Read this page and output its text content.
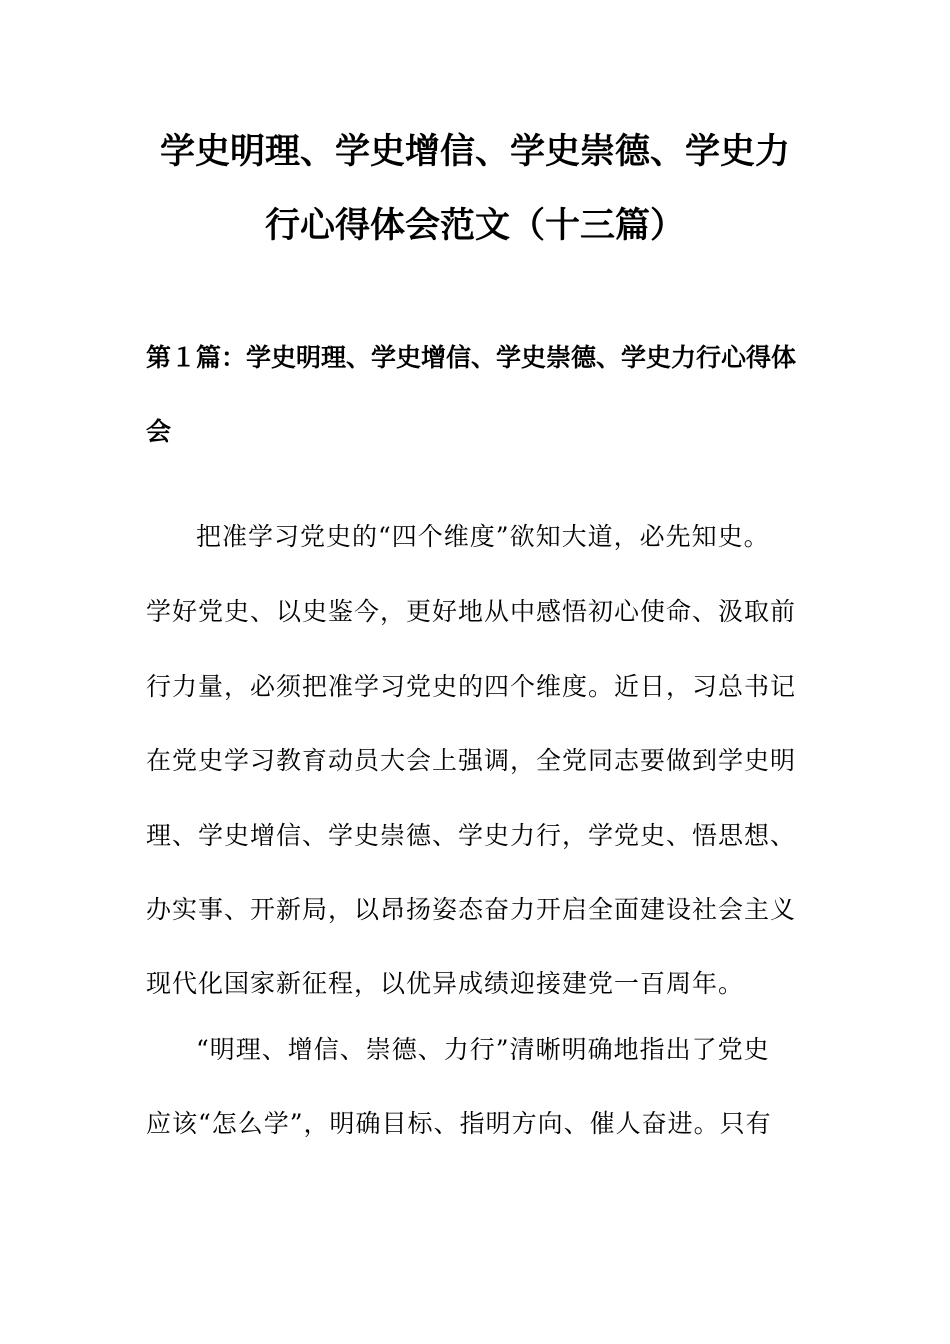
学史明理、学史增信、学史崇德、学史力
行心得体会范文（十三篇）
第１篇：学史明理、学史增信、学史崇德、学史力行心得体
会
把准学习党史的“四个维度”欲知大道，必先知史。
学好党史、以史鉴今，更好地从中感悟初心使命、汲取前
行力量，必须把准学习党史的四个维度。近日，习总书记
在党史学习教育动员大会上强调，全党同志要做到学史明
理、学史增信、学史崇德、学史力行，学党史、悟思想、
办实事、开新局，以昂扬姿态奋力开启全面建设社会主义
现代化国家新征程，以优异成绩迎接建党一百周年。
“明理、增信、崇德、力行”清晰明确地指出了党史
应该“怎么学”，明确目标、指明方向、催人奋进。只有
